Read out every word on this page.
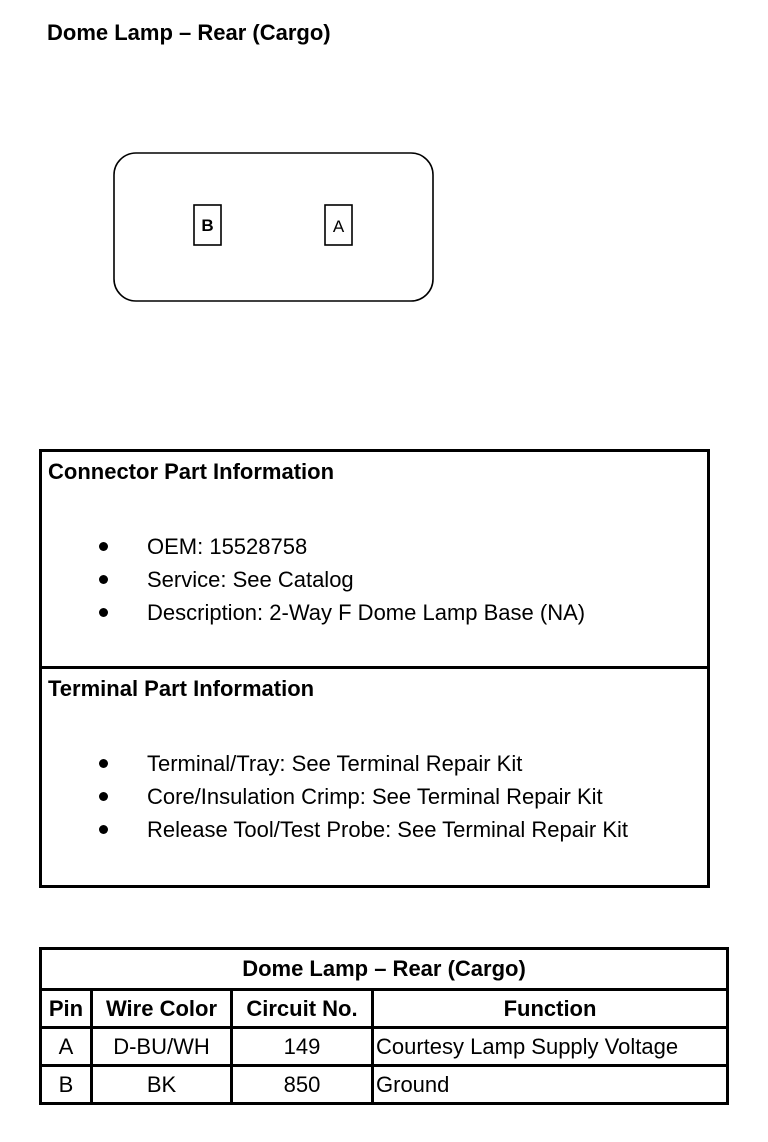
Dome Lamp – Rear (Cargo)
B	A
Connector Part Information
OEM: 15528758
Service: See Catalog
Description: 2-Way F Dome Lamp Base (NA)
Terminal Part Information
Terminal/Tray: See Terminal Repair Kit
Core/Insulation Crimp: See Terminal Repair Kit
Release Tool/Test Probe: See Terminal Repair Kit
Dome Lamp – Rear (Cargo)			
Pin	Wire Color	Circuit No.	Function
A	D-BU/WH	149	Courtesy Lamp Supply Voltage
B	BK	850	Ground
